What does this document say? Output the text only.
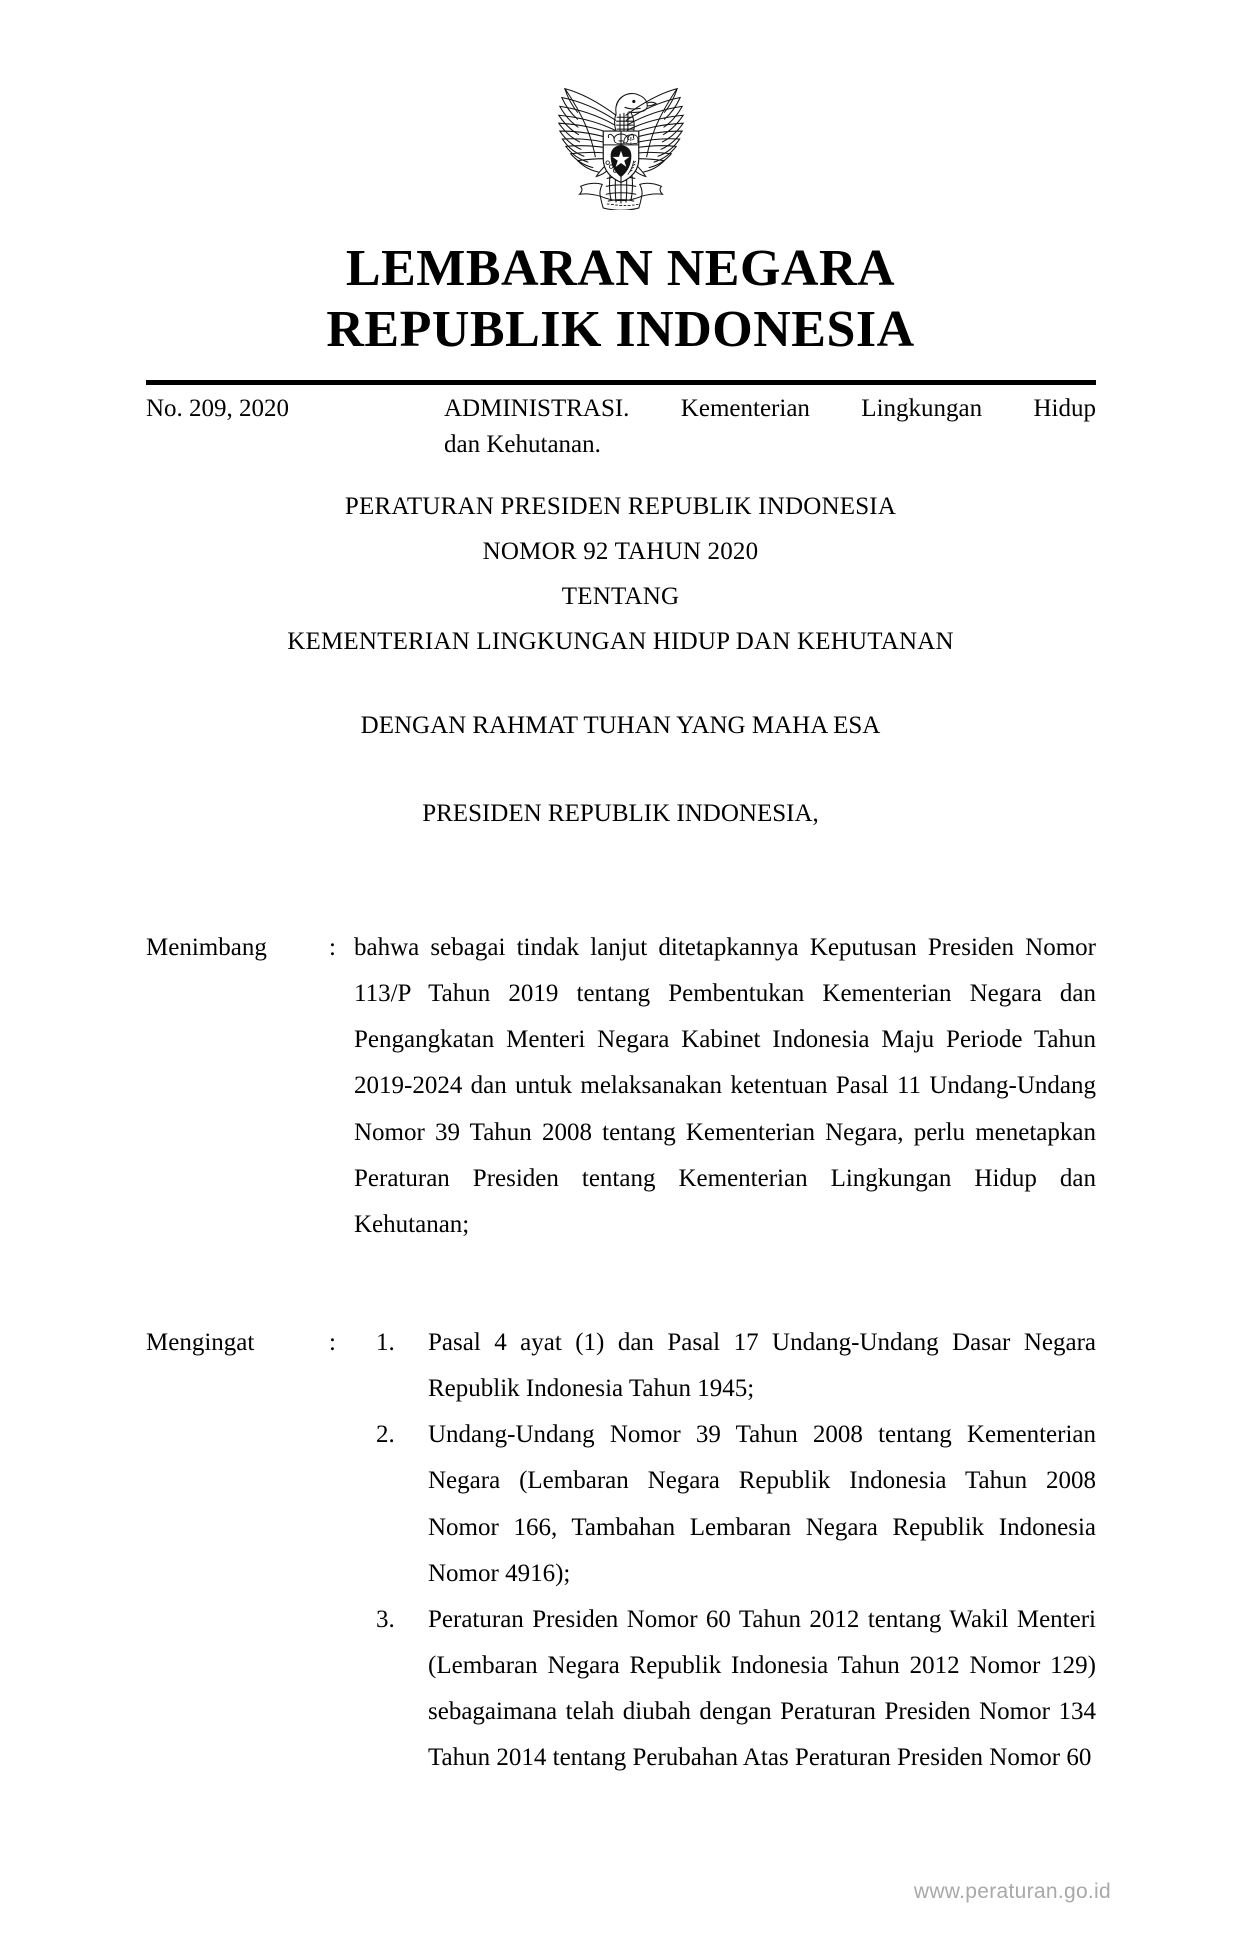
LEMBARAN NEGARA
REPUBLIK INDONESIA
No. 209, 2020	ADMINISTRASI. Kementerian Lingkungan Hidup
dan Kehutanan.
PERATURAN PRESIDEN REPUBLIK INDONESIA
NOMOR 92 TAHUN 2020
TENTANG
KEMENTERIAN LINGKUNGAN HIDUP DAN KEHUTANAN
DENGAN RAHMAT TUHAN YANG MAHA ESA
PRESIDEN REPUBLIK INDONESIA,
Menimbang	: bahwa sebagai tindak lanjut ditetapkannya Keputusan Presiden Nomor 113/P Tahun 2019 tentang Pembentukan Kementerian Negara dan Pengangkatan Menteri Negara Kabinet Indonesia Maju Periode Tahun 2019-2024 dan untuk melaksanakan ketentuan Pasal 11 Undang-Undang Nomor 39 Tahun 2008 tentang Kementerian Negara, perlu menetapkan Peraturan Presiden tentang Kementerian Lingkungan Hidup dan Kehutanan;
Mengingat	: 1.	Pasal 4 ayat (1) dan Pasal 17 Undang-Undang Dasar Negara Republik Indonesia Tahun 1945;
2.	Undang-Undang Nomor 39 Tahun 2008 tentang Kementerian Negara (Lembaran Negara Republik Indonesia Tahun 2008 Nomor 166, Tambahan Lembaran Negara Republik Indonesia Nomor 4916);
3.	Peraturan Presiden Nomor 60 Tahun 2012 tentang Wakil Menteri (Lembaran Negara Republik Indonesia Tahun 2012 Nomor 129) sebagaimana telah diubah dengan Peraturan Presiden Nomor 134 Tahun 2014 tentang Perubahan Atas Peraturan Presiden Nomor 60
www.peraturan.go.id
